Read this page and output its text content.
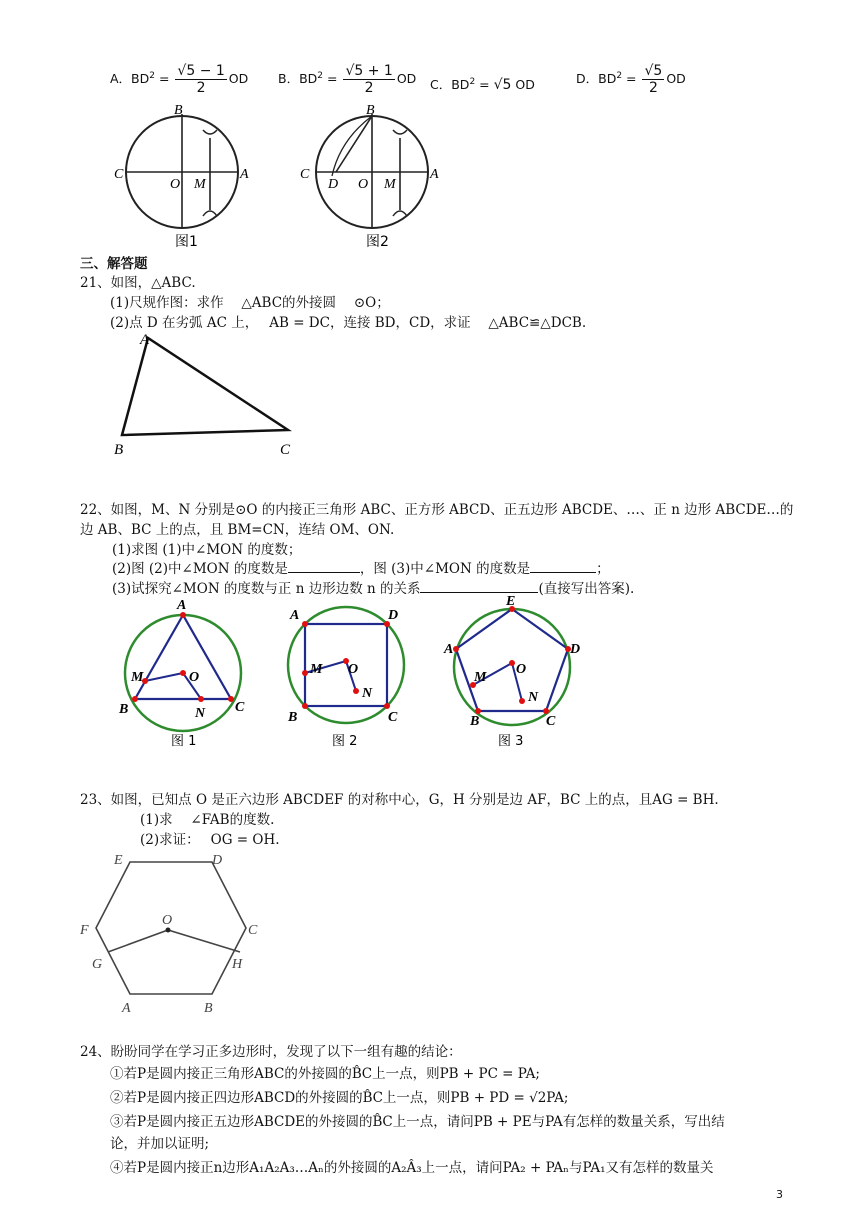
A．$BD^2 = \frac{√5 - 1}{2}$ OD B．$BD^2 = \frac{√5 + 1}{2}$ OD C．$BD^2 = √5$ OD	D．$BD^2 = \frac{√5}{2}$ OD
B
C
O M
A
图1
B
C
D O M
A
图2
三、解答题
21、如图，△ABC.
(1)尺规作图：求作　 △ABC的外接圆　 ⊙O；
(2)点 D 在劣弧 AC 上，　 AB = DC，连接 BD，CD，求证　 △ABC≌△DCB.
A
B	C
22、如图，M、N 分别是⊙O 的内接正三角形 ABC、正方形 ABCD、正五边形 ABCDE、…、正 n 边形 ABCDE…的
边 AB、BC 上的点，且 BM=CN，连结 OM、ON.
(1)求图 (1)中∠MON 的度数；
(2)图 (2)中∠MON 的度数是	，图 (3)中∠MON 的度数是	；
(3)试探究∠MON 的度数与正 n 边形边数 n 的关系	(直接写出答案).
A
B	C
M
N
O
图 1
A	D
B	C
M O
N
图 2
E
D
A
B	C
M
O
N
图 3
23、如图，已知点 O 是正六边形 ABCDEF 的对称中心，G，H 分别是边 AF，BC 上的点，且AG = BH.
(1)求　 ∠FAB的度数.
(2)求证：　 OG = OH.
E	D
F	C
G	H
O
A	B
24、盼盼同学在学习正多边形时，发现了以下一组有趣的结论：
①若P是圆内接正三角形ABC的外接圆的B̂C上一点，则PB + PC = PA;
②若P是圆内接正四边形ABCD的外接圆的B̂C上一点，则PB + PD = √2PA;
③若P是圆内接正五边形ABCDE的外接圆的B̂C上一点，请问PB + PE与PA有怎样的数量关系，写出结
论，并加以证明;
④若P是圆内接正n边形A₁A₂A₃…Aₙ的外接圆的A₂Â₃上一点，请问PA₂ + PAₙ与PA₁又有怎样的数量关
3
